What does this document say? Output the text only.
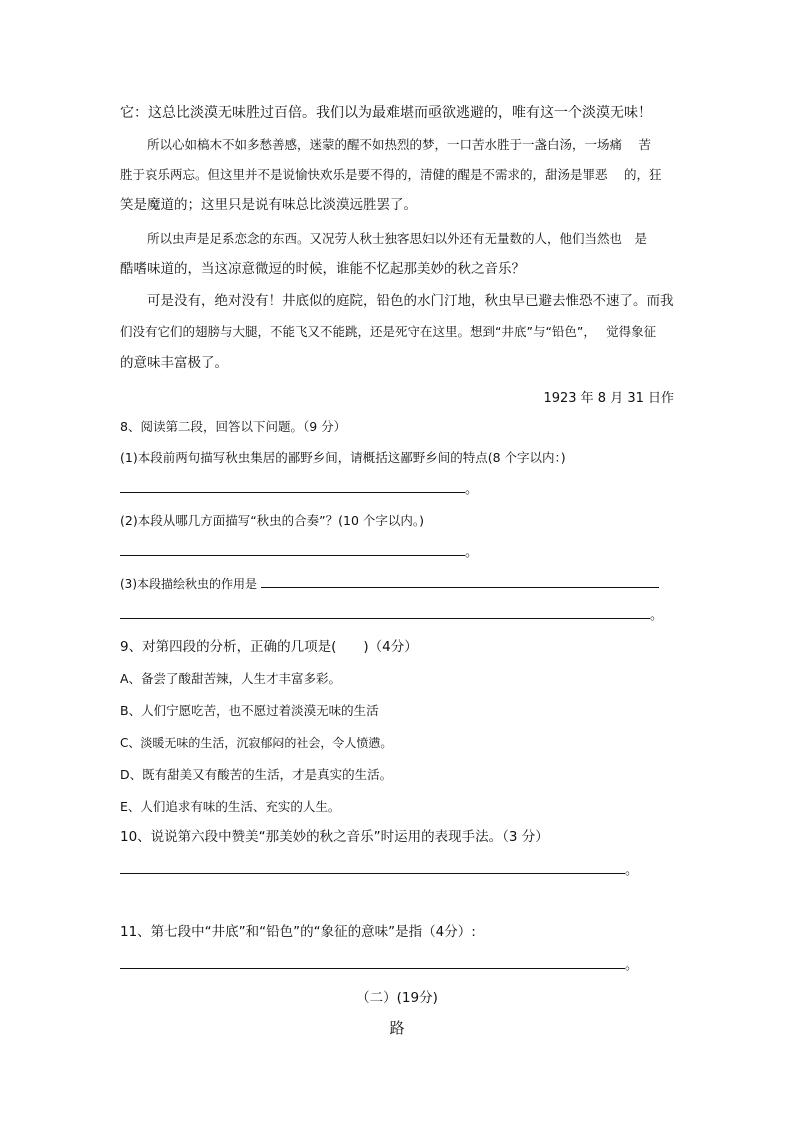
它：这总比淡漠无味胜过百倍。我们以为最难堪而亟欲逃避的，唯有这一个淡漠无味！
所以心如槁木不如多愁善感，迷蒙的醒不如热烈的梦，一口苦水胜于一盏白汤，一场痛　 苦
胜于哀乐两忘。但这里并不是说愉快欢乐是要不得的，清健的醒是不需求的，甜汤是罪恶　 的，狂
笑是魔道的；这里只是说有味总比淡漠远胜罢了。
所以虫声是足系恋念的东西。又况劳人秋士独客思妇以外还有无量数的人，他们当然也　是
酷嗜味道的，当这凉意微逗的时候，谁能不忆起那美妙的秋之音乐？
可是没有，绝对没有！井底似的庭院，铅色的水门汀地，秋虫早已避去惟恐不速了。而我
们没有它们的翅膀与大腿，不能飞又不能跳，还是死守在这里。想到“井底”与“铅色”，　 觉得象征
的意味丰富极了。
1923 年 8 月 31 日作
8、阅读第二段，回答以下问题。（9 分）
(1)本段前两句描写秋虫集居的鄙野乡间，请概括这鄙野乡间的特点(8 个字以内：)
。
(2)本段从哪几方面描写“秋虫的合奏”？(10 个字以内。)
。
(3)本段描绘秋虫的作用是
。
9、对第四段的分析，正确的几项是(　　)（4分）
A、备尝了酸甜苦辣，人生才丰富多彩。
B、人们宁愿吃苦，也不愿过着淡漠无味的生活
C、淡暖无味的生活，沉寂郁闷的社会，令人愤懑。
D、既有甜美又有酸苦的生活，才是真实的生活。
E、人们追求有味的生活、充实的人生。
10、说说第六段中赞美“那美妙的秋之音乐”时运用的表现手法。（3 分）
。
11、第七段中“井底”和“铅色”的“象征的意味”是指（4分）:
。
（二）(19分)
路
